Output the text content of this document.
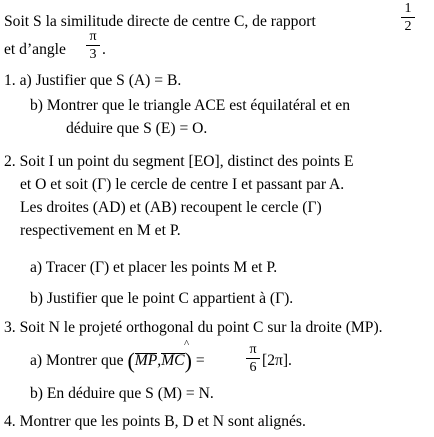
Soit S la similitude directe de centre C, de rapport
1
2
et d’angle
π
3 .
1. a) Justifier que S (A) = B.
b) Montrer que le triangle ACE est équilatéral et en
déduire que S (E) = O.
2. Soit I un point du segment [EO], distinct des points E
et O et soit (Γ) le cercle de centre I et passant par A.
Les droites (AD) et (AB) recoupent le cercle (Γ)
respectivement en M et P.
a) Tracer (Γ) et placer les points M et P.
b) Justifier que le point C appartient à (Γ).
3. Soit N le projeté orthogonal du point C sur la droite (MP).
a) Montrer que (MP,MC) =
^	π
6 [2π].
b) En déduire que S (M) = N.
4. Montrer que les points B, D et N sont alignés.
